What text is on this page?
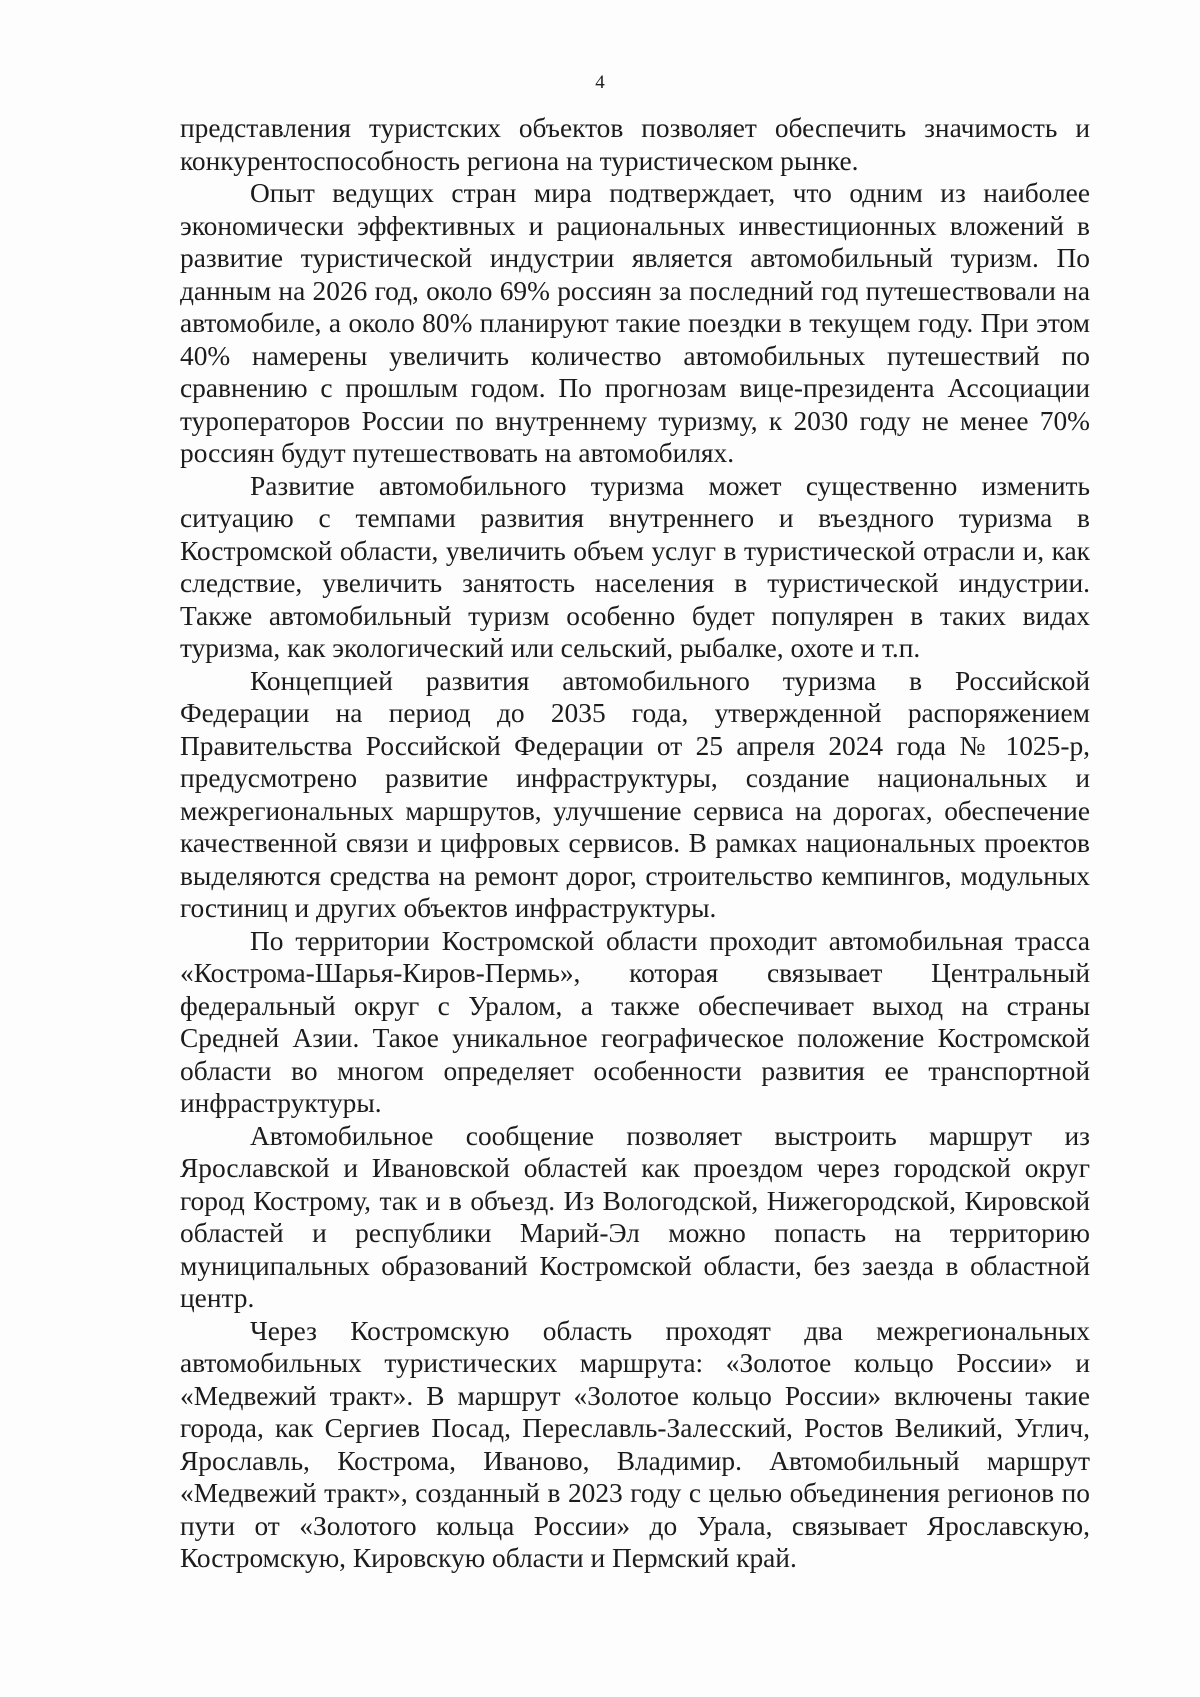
4

представления туристских объектов позволяет обеспечить значимость и конкурентоспособность региона на туристическом рынке.

Опыт ведущих стран мира подтверждает, что одним из наиболее экономически эффективных и рациональных инвестиционных вложений в развитие туристической индустрии является автомобильный туризм. По данным на 2026 год, около 69% россиян за последний год путешествовали на автомобиле, а около 80% планируют такие поездки в текущем году. При этом 40% намерены увеличить количество автомобильных путешествий по сравнению с прошлым годом. По прогнозам вице-президента Ассоциации туроператоров России по внутреннему туризму, к 2030 году не менее 70% россиян будут путешествовать на автомобилях.

Развитие автомобильного туризма может существенно изменить ситуацию с темпами развития внутреннего и въездного туризма в Костромской области, увеличить объем услуг в туристической отрасли и, как следствие, увеличить занятость населения в туристической индустрии. Также автомобильный туризм особенно будет популярен в таких видах туризма, как экологический или сельский, рыбалке, охоте и т.п.

Концепцией развития автомобильного туризма в Российской Федерации на период до 2035 года, утвержденной распоряжением Правительства Российской Федерации от 25 апреля 2024 года № 1025-р, предусмотрено развитие инфраструктуры, создание национальных и межрегиональных маршрутов, улучшение сервиса на дорогах, обеспечение качественной связи и цифровых сервисов. В рамках национальных проектов выделяются средства на ремонт дорог, строительство кемпингов, модульных гостиниц и других объектов инфраструктуры.

По территории Костромской области проходит автомобильная трасса «Кострома-Шарья-Киров-Пермь», которая связывает Центральный федеральный округ с Уралом, а также обеспечивает выход на страны Средней Азии. Такое уникальное географическое положение Костромской области во многом определяет особенности развития ее транспортной инфраструктуры.

Автомобильное сообщение позволяет выстроить маршрут из Ярославской и Ивановской областей как проездом через городской округ город Кострому, так и в объезд. Из Вологодской, Нижегородской, Кировской областей и республики Марий-Эл можно попасть на территорию муниципальных образований Костромской области, без заезда в областной центр.

Через Костромскую область проходят два межрегиональных автомобильных туристических маршрута: «Золотое кольцо России» и «Медвежий тракт». В маршрут «Золотое кольцо России» включены такие города, как Сергиев Посад, Переславль-Залесский, Ростов Великий, Углич, Ярославль, Кострома, Иваново, Владимир. Автомобильный маршрут «Медвежий тракт», созданный в 2023 году с целью объединения регионов по пути от «Золотого кольца России» до Урала, связывает Ярославскую, Костромскую, Кировскую области и Пермский край.
